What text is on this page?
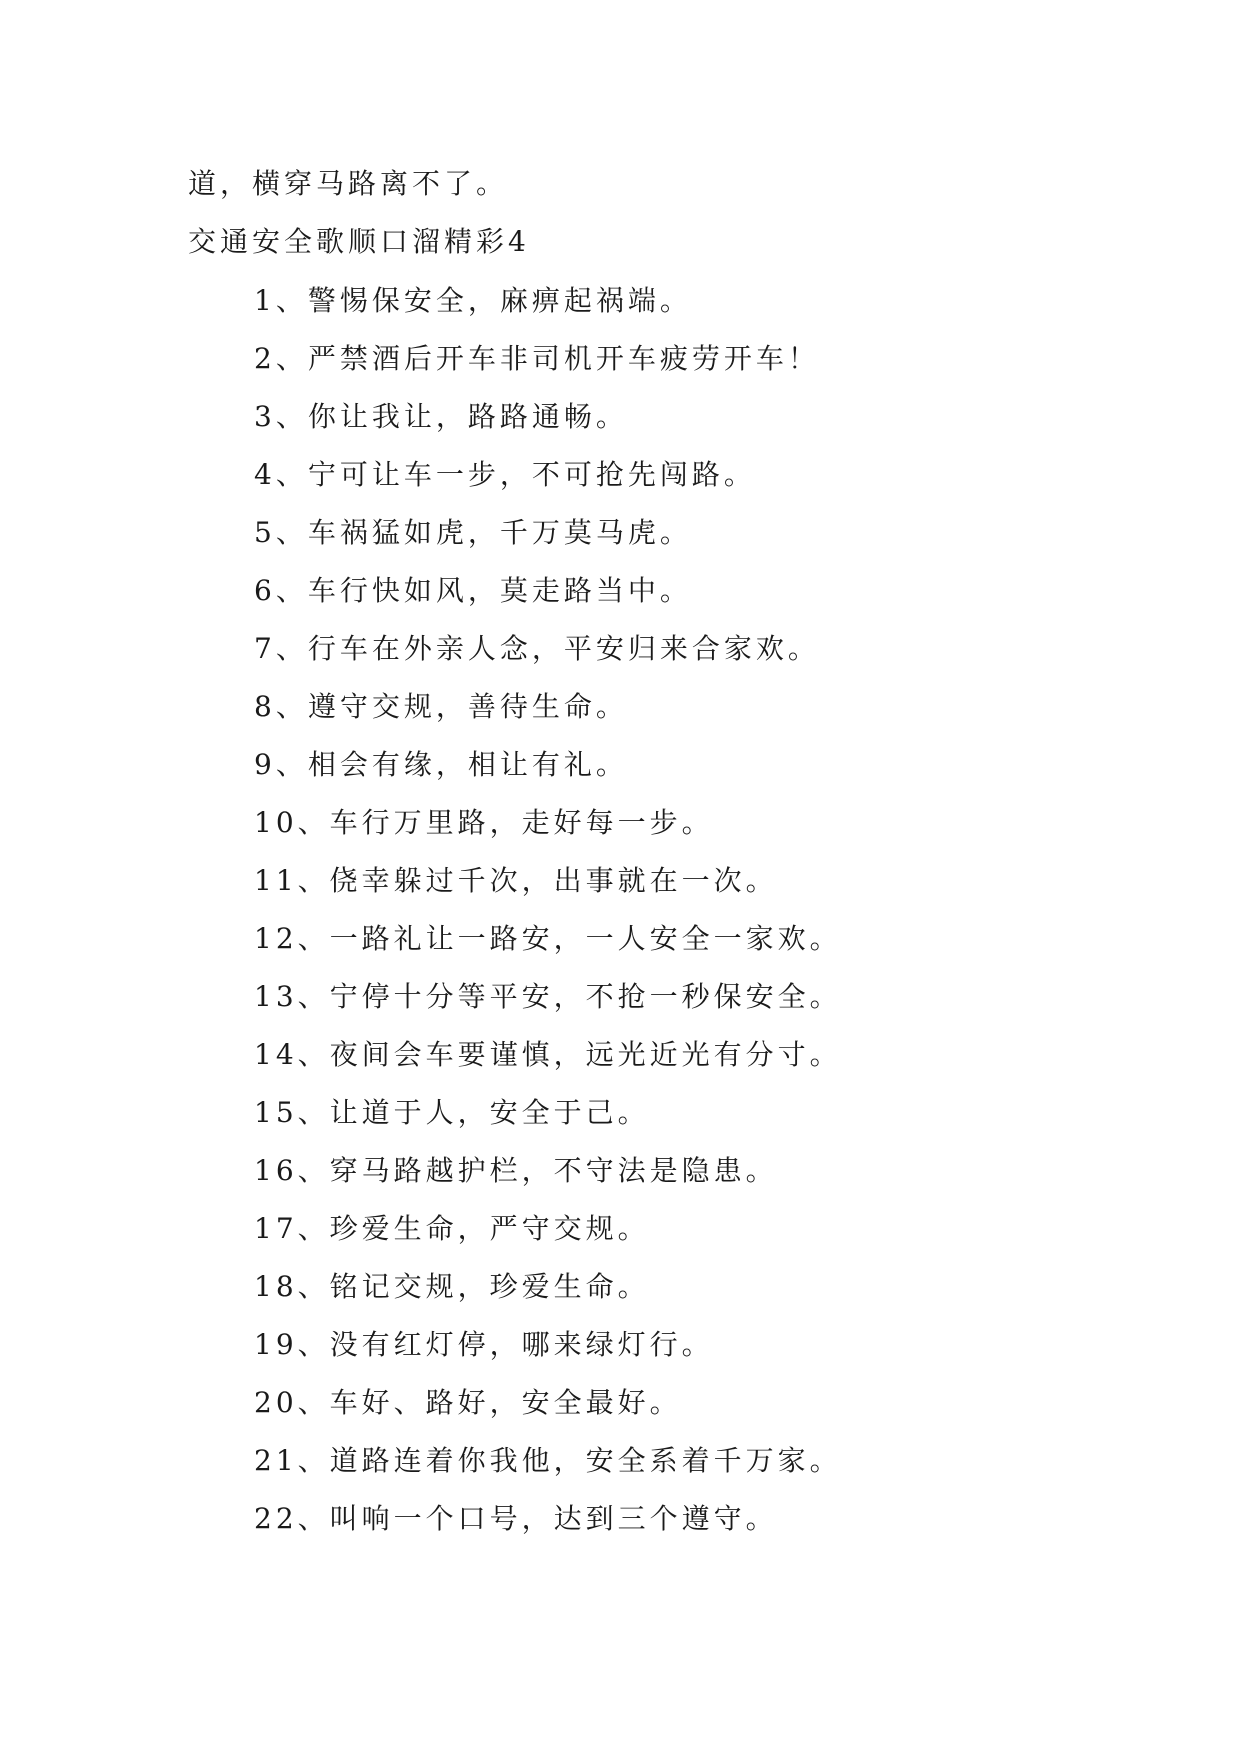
道，横穿马路离不了。
交通安全歌顺口溜精彩4
1、警惕保安全，麻痹起祸端。
2、严禁酒后开车非司机开车疲劳开车！
3、你让我让，路路通畅。
4、宁可让车一步，不可抢先闯路。
5、车祸猛如虎，千万莫马虎。
6、车行快如风，莫走路当中。
7、行车在外亲人念，平安归来合家欢。
8、遵守交规，善待生命。
9、相会有缘，相让有礼。
10、车行万里路，走好每一步。
11、侥幸躲过千次，出事就在一次。
12、一路礼让一路安，一人安全一家欢。
13、宁停十分等平安，不抢一秒保安全。
14、夜间会车要谨慎，远光近光有分寸。
15、让道于人，安全于己。
16、穿马路越护栏，不守法是隐患。
17、珍爱生命，严守交规。
18、铭记交规，珍爱生命。
19、没有红灯停，哪来绿灯行。
20、车好、路好，安全最好。
21、道路连着你我他，安全系着千万家。
22、叫响一个口号，达到三个遵守。
